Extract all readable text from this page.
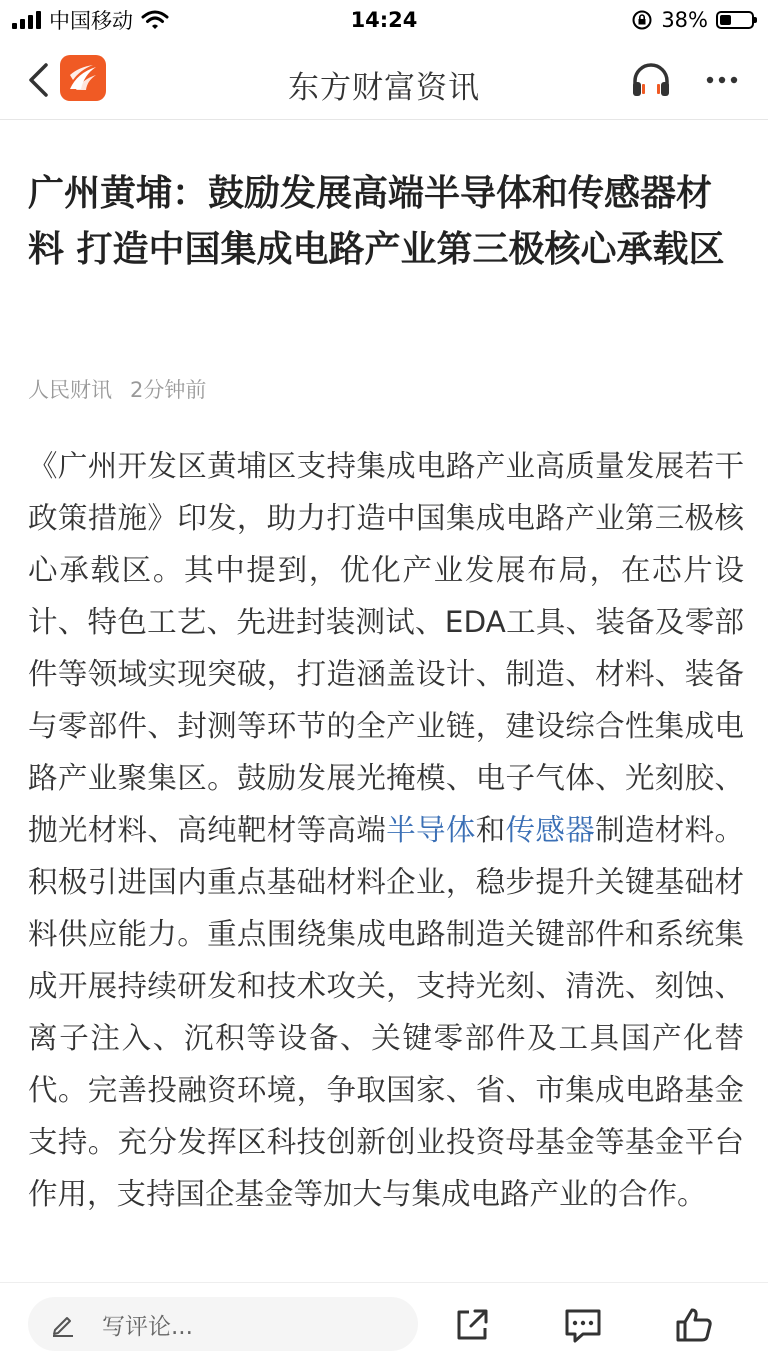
中国移动	14:24	38%
东方财富资讯
广州黄埔：鼓励发展高端半导体和传感器材料 打造中国集成电路产业第三极核心承载区
人民财讯 2分钟前

《广州开发区黄埔区支持集成电路产业高质量发展若干政策措施》印发，助力打造中国集成电路产业第三极核心承载区。其中提到，优化产业发展布局，在芯片设计、特色工艺、先进封装测试、EDA工具、装备及零部件等领域实现突破，打造涵盖设计、制造、材料、装备与零部件、封测等环节的全产业链，建设综合性集成电路产业聚集区。鼓励发展光掩模、电子气体、光刻胶、抛光材料、高纯靶材等高端半导体和传感器制造材料。积极引进国内重点基础材料企业，稳步提升关键基础材料供应能力。重点围绕集成电路制造关键部件和系统集成开展持续研发和技术攻关，支持光刻、清洗、刻蚀、离子注入、沉积等设备、关键零部件及工具国产化替代。完善投融资环境，争取国家、省、市集成电路基金支持。充分发挥区科技创新创业投资母基金等基金平台作用，支持国企基金等加大与集成电路产业的合作。

写评论...
